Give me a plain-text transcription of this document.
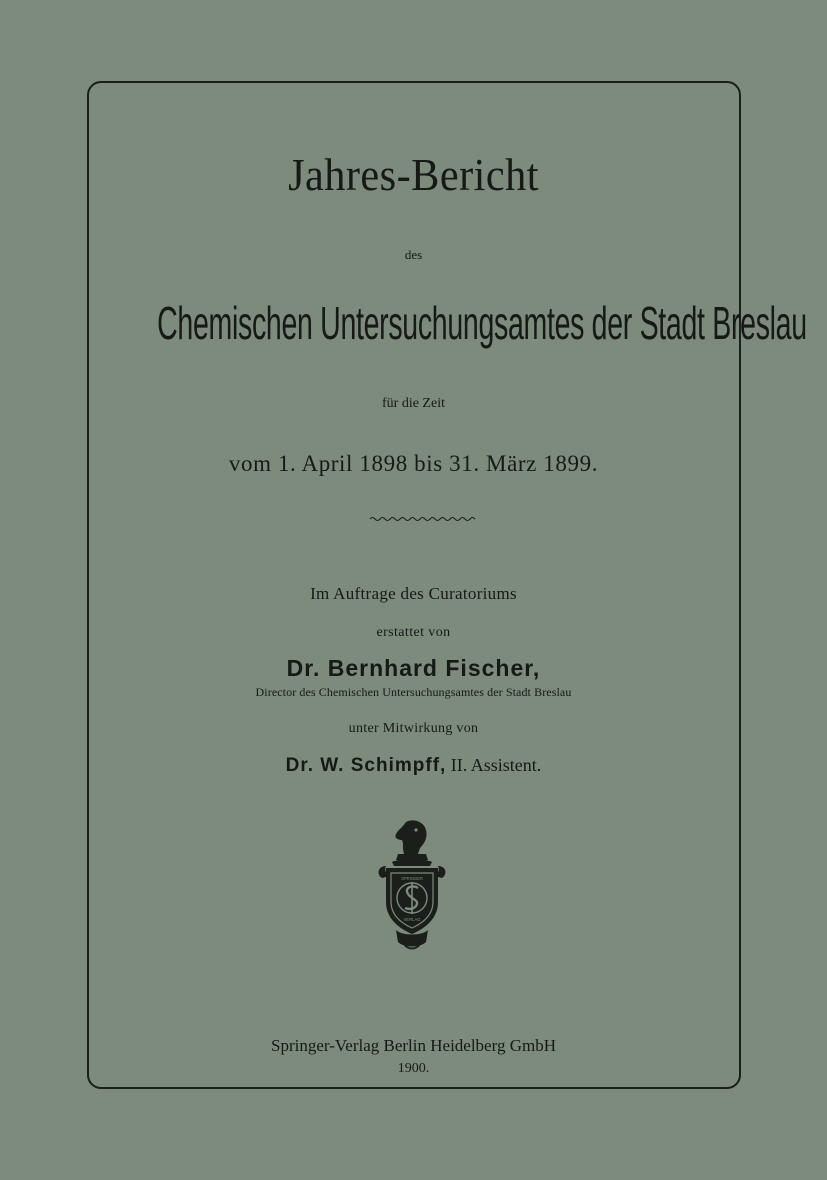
Jahres-Bericht
des
Chemischen Untersuchungsamtes der Stadt Breslau
für die Zeit
vom 1. April 1898 bis 31. März 1899.
Im Auftrage des Curatoriums
erstattet von
Dr. Bernhard Fischer,
Director des Chemischen Untersuchungsamtes der Stadt Breslau
unter Mitwirkung von
Dr. W. Schimpff, II. Assistent.
SPRINGER
VERLAG
Springer-Verlag Berlin Heidelberg GmbH
1900.
